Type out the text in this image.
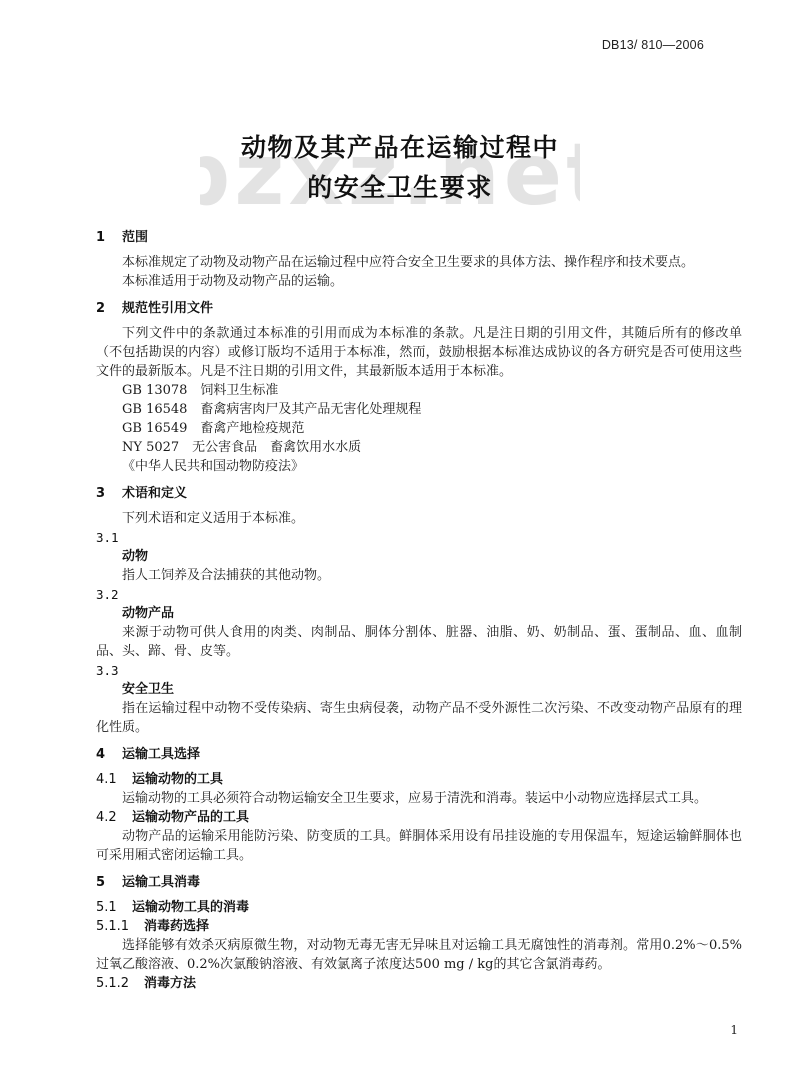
DB13/ 810—2006
zxz.ne
动物及其产品在运输过程中
的安全卫生要求
1 范围
本标准规定了动物及动物产品在运输过程中应符合安全卫生要求的具体方法、操作程序和技术要点。
本标准适用于动物及动物产品的运输。
2 规范性引用文件
下列文件中的条款通过本标准的引用而成为本标准的条款。凡是注日期的引用文件，其随后所有的修改单（不包括勘误的内容）或修订版均不适用于本标准，然而，鼓励根据本标准达成协议的各方研究是否可使用这些文件的最新版本。凡是不注日期的引用文件，其最新版本适用于本标准。
GB 13078　饲料卫生标准
GB 16548　畜禽病害肉尸及其产品无害化处理规程
GB 16549　畜禽产地检疫规范
NY 5027　无公害食品　畜禽饮用水水质
《中华人民共和国动物防疫法》
3 术语和定义
下列术语和定义适用于本标准。
3.1
动物
指人工饲养及合法捕获的其他动物。
3.2
动物产品
来源于动物可供人食用的肉类、肉制品、胴体分割体、脏器、油脂、奶、奶制品、蛋、蛋制品、血、血制品、头、蹄、骨、皮等。
3.3
安全卫生
指在运输过程中动物不受传染病、寄生虫病侵袭，动物产品不受外源性二次污染、不改变动物产品原有的理化性质。
4 运输工具选择
4.1 运输动物的工具
运输动物的工具必须符合动物运输安全卫生要求，应易于清洗和消毒。装运中小动物应选择层式工具。
4.2 运输动物产品的工具
动物产品的运输采用能防污染、防变质的工具。鲜胴体采用设有吊挂设施的专用保温车，短途运输鲜胴体也可采用厢式密闭运输工具。
5 运输工具消毒
5.1 运输动物工具的消毒
5.1.1 消毒药选择
选择能够有效杀灭病原微生物，对动物无毒无害无异味且对运输工具无腐蚀性的消毒剂。常用0.2%～0.5%过氧乙酸溶液、0.2%次氯酸钠溶液、有效氯离子浓度达500 mg / kg的其它含氯消毒药。
5.1.2 消毒方法
1
